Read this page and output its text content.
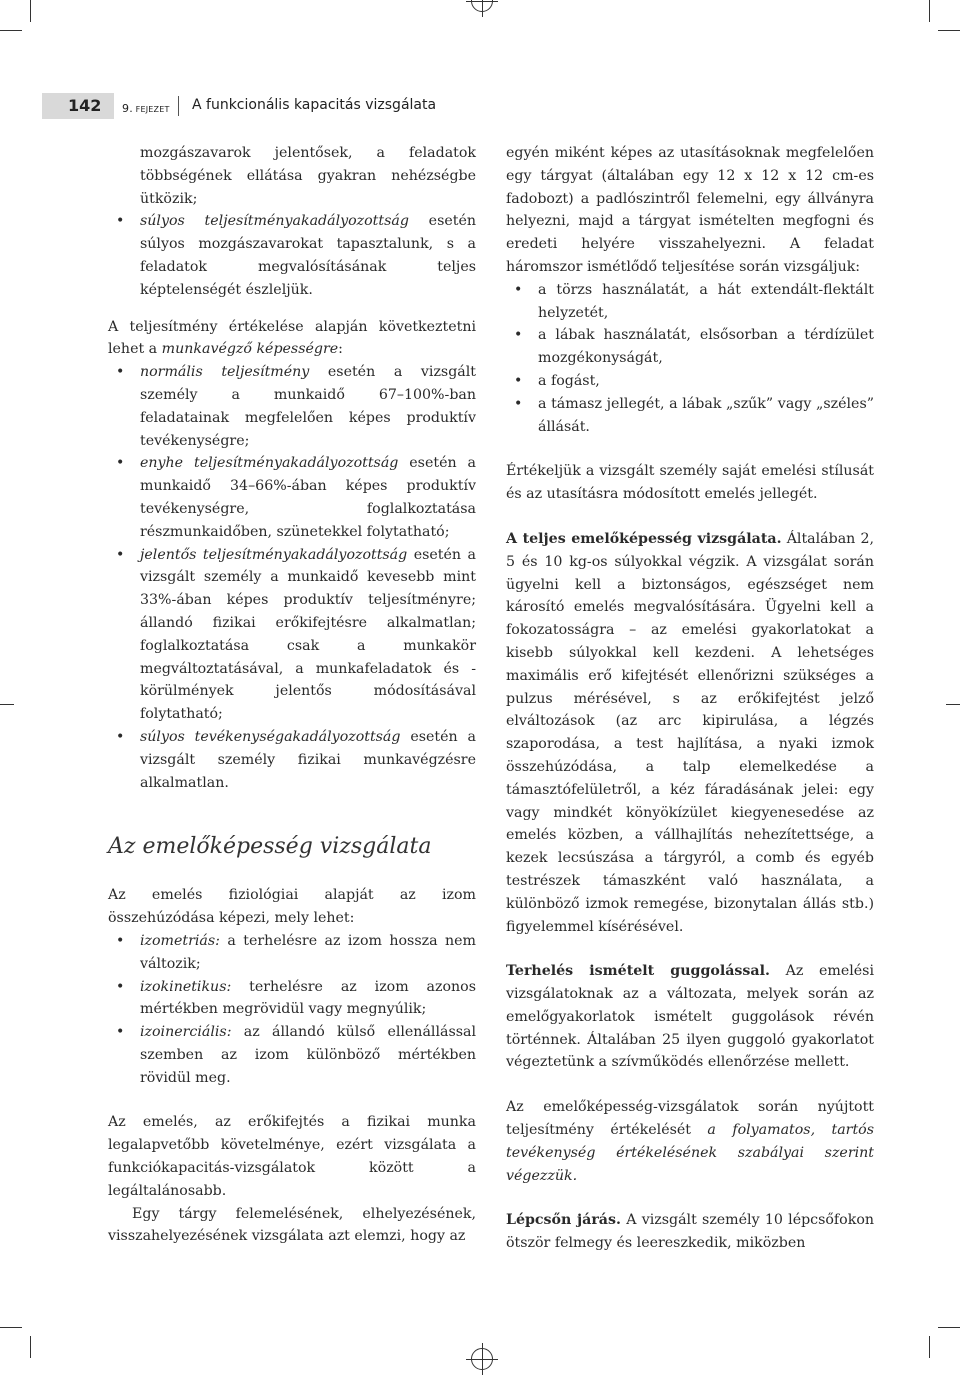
142 9. FEJEZET A funkcionális kapacitás vizsgálata

mozgászavarok jelentősek, a feladatok többségének ellátása gyakran nehézségbe ütközik;

• súlyos teljesítményakadályozottság esetén súlyos mozgászavarokat tapasztalunk, s a feladatok megvalósításának teljes képtelenségét észleljük.

A teljesítmény értékelése alapján következtetni lehet a munkavégző képességre:

• normális teljesítmény esetén a vizsgált személy a munkaidő 67–100%-ban feladatainak megfelelően képes produktív tevékenységre;
• enyhe teljesítményakadályozottság esetén a munkaidő 34–66%-ában képes produktív tevékenységre, foglalkoztatása részmunkaidőben, szünetekkel folytatható;
• jelentős teljesítményakadályozottság esetén a vizsgált személy a munkaidő kevesebb mint 33%-ában képes produktív teljesítményre; állandó fizikai erőkifejtésre alkalmatlan; foglalkoztatása csak a munkakör megváltoztatásával, a munkafeladatok és -körülmények jelentős módosításával folytatható;
• súlyos tevékenységakadályozottság esetén a vizsgált személy fizikai munkavégzésre alkalmatlan.
Az emelőképesség vizsgálata

Az emelés fiziológiai alapját az izom összehúzódása képezi, mely lehet:

• izometriás: a terhelésre az izom hossza nem változik;
• izokinetikus: terhelésre az izom azonos mértékben megrövidül vagy megnyúlik;
• izoinerciális: az állandó külső ellenállással szemben az izom különböző mértékben rövidül meg.

Az emelés, az erőkifejtés a fizikai munka legalapvetőbb követelménye, ezért vizsgálata a funkciókapacitás-vizsgálatok között a legáltalánosabb.

Egy tárgy felemelésének, elhelyezésének, visszahelyezésének vizsgálata azt elemzi, hogy az

egyén miként képes az utasításoknak megfelelően egy tárgyat (általában egy 12 x 12 x 12 cm-es fadobozt) a padlószintről felemelni, egy állványra helyezni, majd a tárgyat ismételten megfogni és eredeti helyére visszahelyezni. A feladat háromszor ismétlődő teljesítése során vizsgáljuk:

• a törzs használatát, a hát extendált-flektált helyzetét,
• a lábak használatát, elsősorban a térdízület mozgékonyságát,
• a fogást,
• a támasz jellegét, a lábak „szűk” vagy „széles” állását.

Értékeljük a vizsgált személy saját emelési stílusát és az utasításra módosított emelés jellegét.

A teljes emelőképesség vizsgálata. Általában 2, 5 és 10 kg-os súlyokkal végzik. A vizsgálat során ügyelni kell a biztonságos, egészséget nem károsító emelés megvalósítására. Ügyelni kell a fokozatosságra – az emelési gyakorlatokat a kisebb súlyokkal kell kezdeni. A lehetséges maximális erő kifejtését ellenőrizni szükséges a pulzus mérésével, s az erőkifejtést jelző elváltozások (az arc kipirulása, a légzés szaporodása, a test hajlítása, a nyaki izmok összehúzódása, a talp elemelkedése a támasztófelületről, a kéz fáradásának jelei: egy vagy mindkét könyökízület kiegyenesedése az emelés közben, a vállhajlítás nehezítettsége, a kezek lecsúszása a tárgyról, a comb és egyéb testrészek támaszként való használata, a különböző izmok remegése, bizonytalan állás stb.) figyelemmel kísérésével.

Terhelés ismételt guggolással. Az emelési vizsgálatoknak az a változata, melyek során az emelőgyakorlatok ismételt guggolások révén történnek. Általában 25 ilyen guggoló gyakorlatot végeztetünk a szívműködés ellenőrzése mellett.

Az emelőképesség-vizsgálatok során nyújtott teljesítmény értékelését a folyamatos, tartós tevékenység értékelésének szabályai szerint végezzük.

Lépcsőn járás. A vizsgált személy 10 lépcsőfokon ötször felmegy és leereszkedik, miközben
